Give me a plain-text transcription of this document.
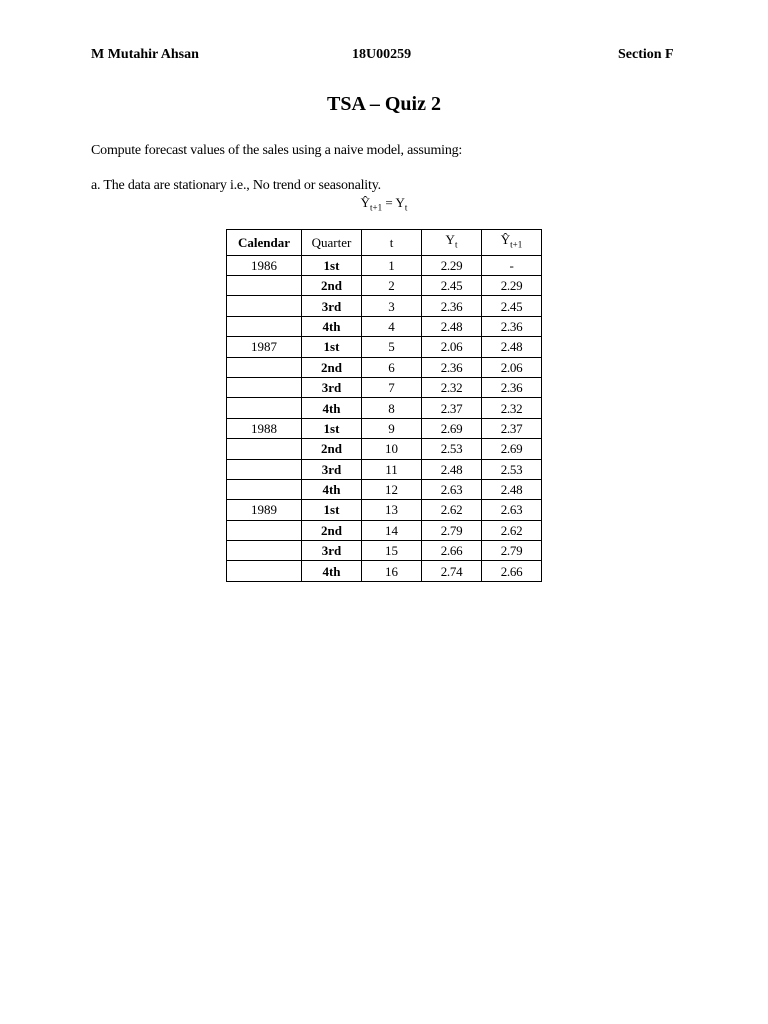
M Mutahir Ahsan	18U00259	Section F
TSA – Quiz 2
Compute forecast values of the sales using a naive model, assuming:
a. The data are stationary i.e., No trend or seasonality.
$Ŷ_{t+1} = Y_t$
Calendar	Quarter	t	$Y_t$	$Ŷ_{t+1}$
1986	1st	1	2.29	-
	2nd	2	2.45	2.29
	3rd	3	2.36	2.45
	4th	4	2.48	2.36
1987	1st	5	2.06	2.48
	2nd	6	2.36	2.06
	3rd	7	2.32	2.36
	4th	8	2.37	2.32
1988	1st	9	2.69	2.37
	2nd	10	2.53	2.69
	3rd	11	2.48	2.53
	4th	12	2.63	2.48
1989	1st	13	2.62	2.63
	2nd	14	2.79	2.62
	3rd	15	2.66	2.79
	4th	16	2.74	2.66
